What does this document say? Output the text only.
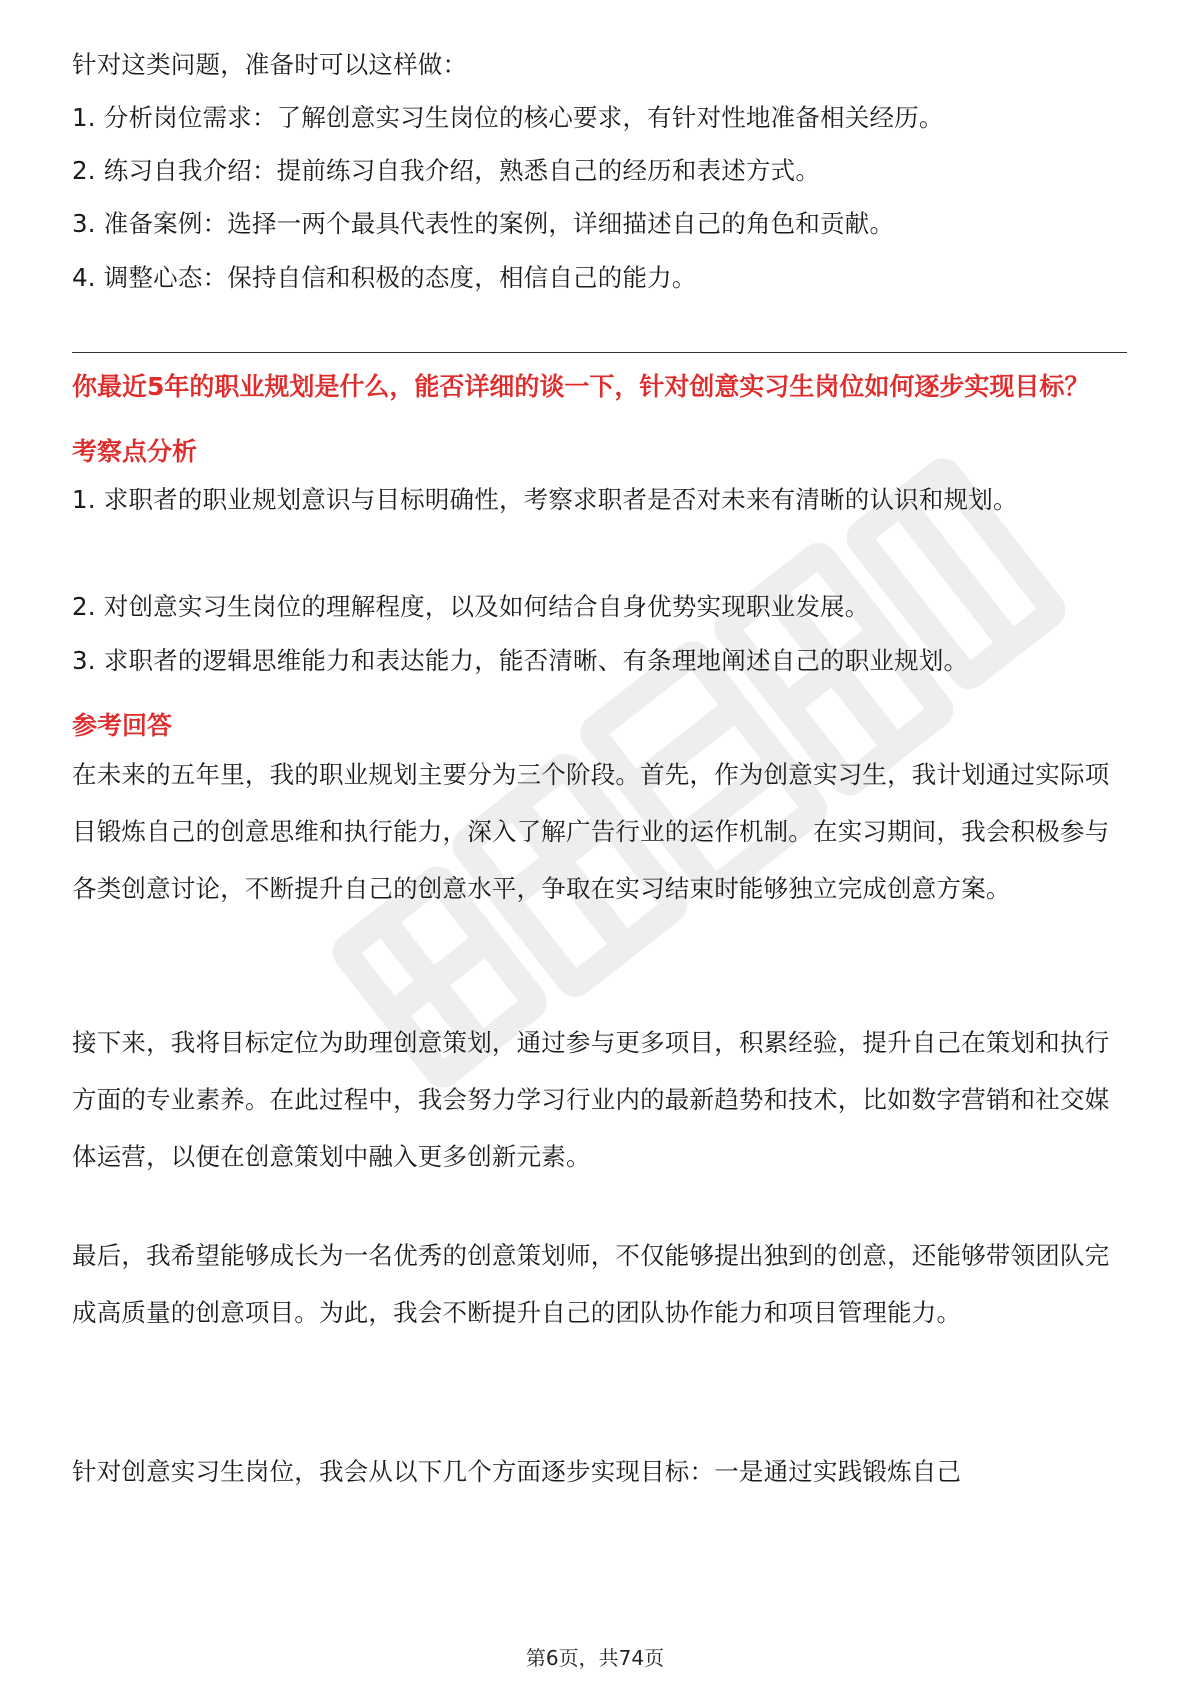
针对这类问题，准备时可以这样做：

1. 分析岗位需求：了解创意实习生岗位的核心要求，有针对性地准备相关经历。

2. 练习自我介绍：提前练习自我介绍，熟悉自己的经历和表述方式。

3. 准备案例：选择一两个最具代表性的案例，详细描述自己的角色和贡献。

4. 调整心态：保持自信和积极的态度，相信自己的能力。

你最近5年的职业规划是什么，能否详细的谈一下，针对创意实习生岗位如何逐步实现目标？

考察点分析

1. 求职者的职业规划意识与目标明确性，考察求职者是否对未来有清晰的认识和规划。

2. 对创意实习生岗位的理解程度，以及如何结合自身优势实现职业发展。

3. 求职者的逻辑思维能力和表达能力，能否清晰、有条理地阐述自己的职业规划。

参考回答

在未来的五年里，我的职业规划主要分为三个阶段。首先，作为创意实习生，我计划通过实际项目锻炼自己的创意思维和执行能力，深入了解广告行业的运作机制。在实习期间，我会积极参与各类创意讨论，不断提升自己的创意水平，争取在实习结束时能够独立完成创意方案。

接下来，我将目标定位为助理创意策划，通过参与更多项目，积累经验，提升自己在策划和执行方面的专业素养。在此过程中，我会努力学习行业内的最新趋势和技术，比如数字营销和社交媒体运营，以便在创意策划中融入更多创新元素。

最后，我希望能够成长为一名优秀的创意策划师，不仅能够提出独到的创意，还能够带领团队完成高质量的创意项目。为此，我会不断提升自己的团队协作能力和项目管理能力。

针对创意实习生岗位，我会从以下几个方面逐步实现目标：一是通过实践锻炼自己

第6页，共74页
